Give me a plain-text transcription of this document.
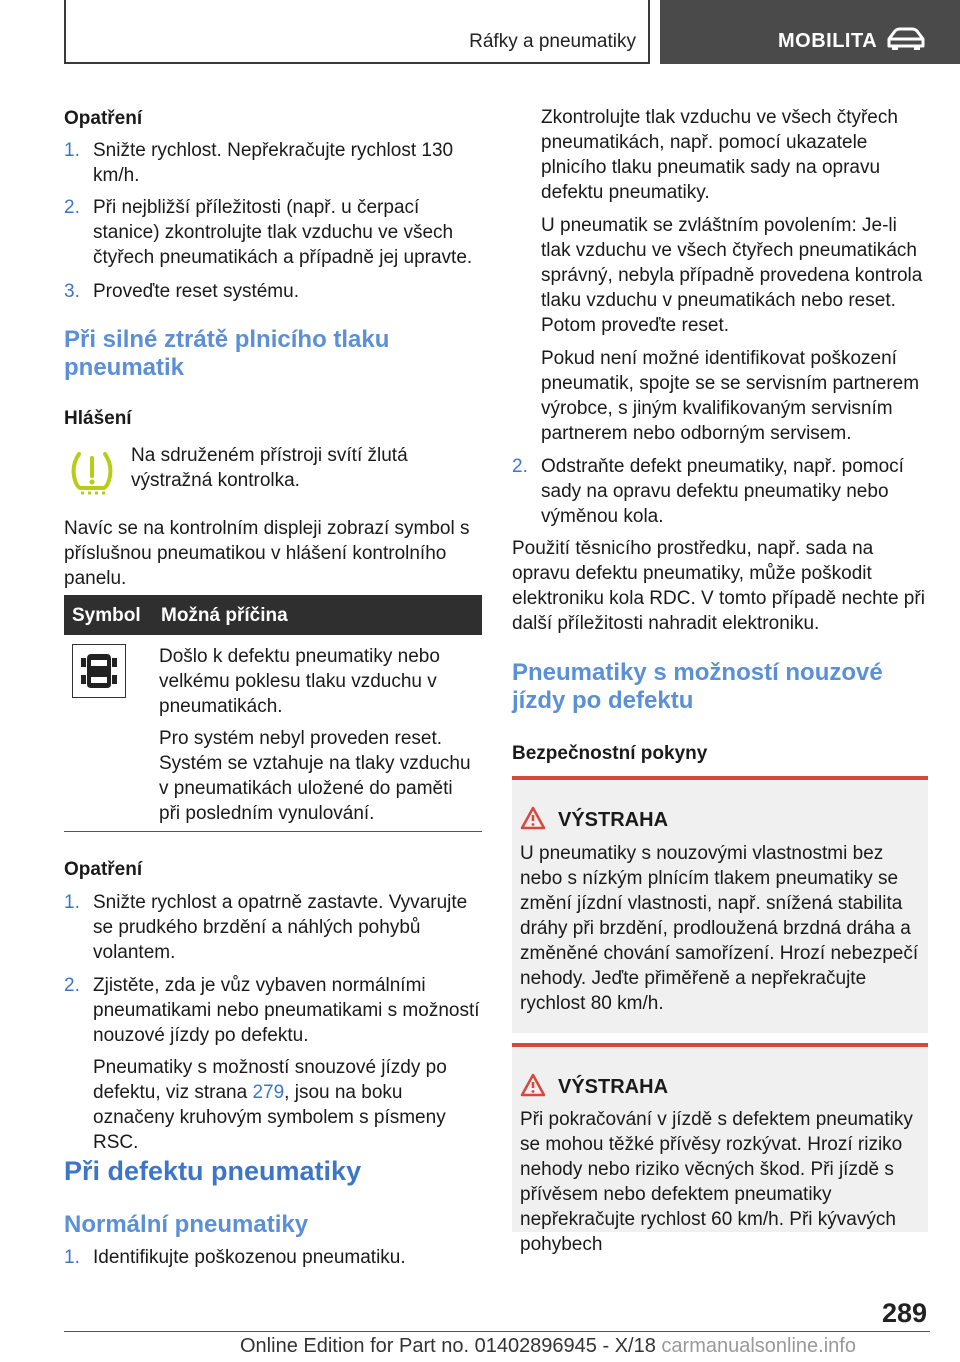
Ráfky a pneumatiky	MOBILITA
Opatření
1. Snižte rychlost. Nepřekračujte rychlost 130 km/h.
2. Při nejbližší příležitosti (např. u čerpací stanice) zkontrolujte tlak vzduchu ve všech čtyřech pneumatikách a případně jej upravte.
3. Proveďte reset systému.
Při silné ztrátě plnicího tlaku pneumatik
Hlášení
Na sdruženém přístroji svítí žlutá výstražná kontrolka.
Navíc se na kontrolním displeji zobrazí symbol s příslušnou pneumatikou v hlášení kontrolního panelu.
Symbol Možná příčina
Došlo k defektu pneumatiky nebo velkému poklesu tlaku vzduchu v pneumatikách.
Pro systém nebyl proveden reset. Systém se vztahuje na tlaky vzduchu v pneumatikách uložené do paměti při posledním vynulování.
Opatření
1. Snižte rychlost a opatrně zastavte. Vyvarujte se prudkého brzdění a náhlých pohybů volantem.
2. Zjistěte, zda je vůz vybaven normálními pneumatikami nebo pneumatikami s možností nouzové jízdy po defektu.
Pneumatiky s možností snouzové jízdy po defektu, viz strana 279, jsou na boku označeny kruhovým symbolem s písmeny RSC.
Při defektu pneumatiky
Normální pneumatiky
1. Identifikujte poškozenou pneumatiku.
Zkontrolujte tlak vzduchu ve všech čtyřech pneumatikách, např. pomocí ukazatele plnicího tlaku pneumatik sady na opravu defektu pneumatiky.
U pneumatik se zvláštním povolením: Je-li tlak vzduchu ve všech čtyřech pneumatikách správný, nebyla případně provedena kontrola tlaku vzduchu v pneumatikách nebo reset. Potom proveďte reset.
Pokud není možné identifikovat poškození pneumatik, spojte se se servisním partnerem výrobce, s jiným kvalifikovaným servisním partnerem nebo odborným servisem.
2. Odstraňte defekt pneumatiky, např. pomocí sady na opravu defektu pneumatiky nebo výměnou kola.
Použití těsnicího prostředku, např. sada na opravu defektu pneumatiky, může poškodit elektroniku kola RDC. V tomto případě nechte při další příležitosti nahradit elektroniku.
Pneumatiky s možností nouzové jízdy po defektu
Bezpečnostní pokyny
VÝSTRAHA
U pneumatiky s nouzovými vlastnostmi bez nebo s nízkým plnícím tlakem pneumatiky se změní jízdní vlastnosti, např. snížená stabilita dráhy při brzdění, prodloužená brzdná dráha a změněné chování samořízení. Hrozí nebezpečí nehody. Jeďte přiměřeně a nepřekračujte rychlost 80 km/h.
VÝSTRAHA
Při pokračování v jízdě s defektem pneumatiky se mohou těžké přívěsy rozkývat. Hrozí riziko nehody nebo riziko věcných škod. Při jízdě s přívěsem nebo defektem pneumatiky nepřekračujte rychlost 60 km/h. Při kývavých pohybech
289
Online Edition for Part no. 01402896945 - X/18 carmanualsonline.info
